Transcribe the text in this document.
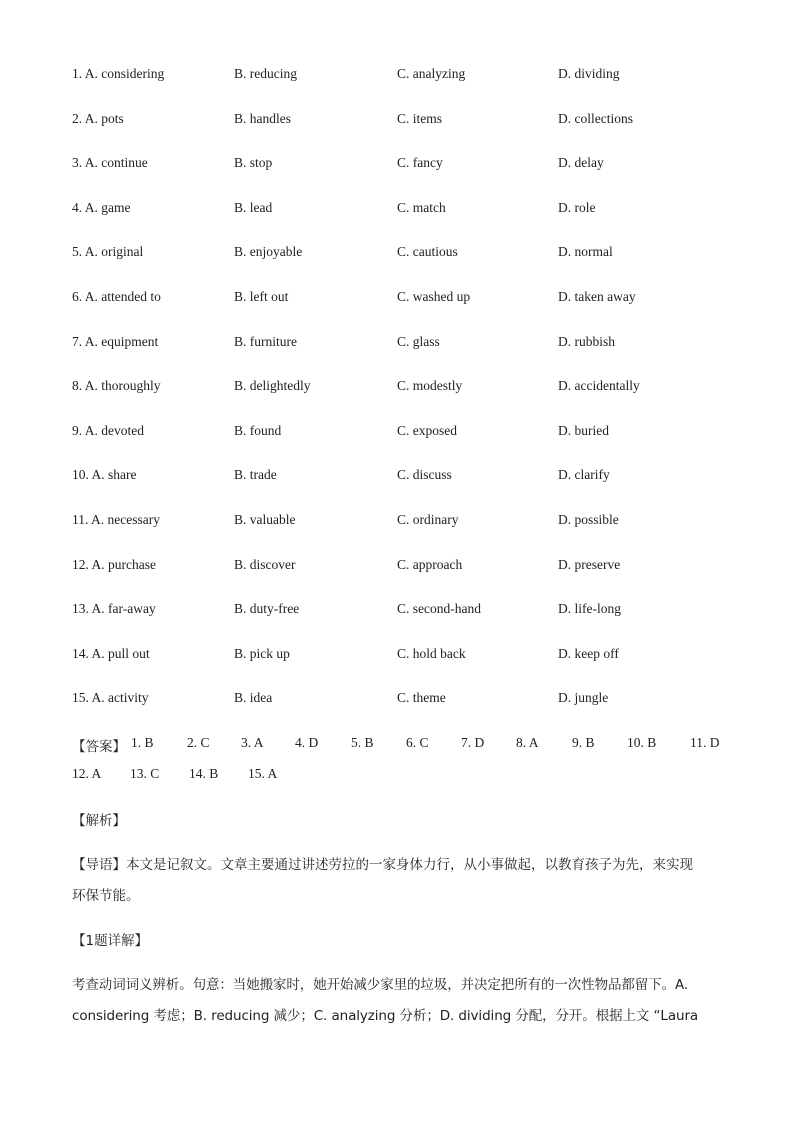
1. A. considering	B. reducing	C. analyzing	D. dividing
2. A. pots	B. handles	C. items	D. collections
3. A. continue	B. stop	C. fancy	D. delay
4. A. game	B. lead	C. match	D. role
5. A. original	B. enjoyable	C. cautious	D. normal
6. A. attended to	B. left out	C. washed up	D. taken away
7. A. equipment	B. furniture	C. glass	D. rubbish
8. A. thoroughly	B. delightedly	C. modestly	D. accidentally
9. A. devoted	B. found	C. exposed	D. buried
10. A. share	B. trade	C. discuss	D. clarify
11. A. necessary	B. valuable	C. ordinary	D. possible
12. A. purchase	B. discover	C. approach	D. preserve
13. A. far-away	B. duty-free	C. second-hand	D. life-long
14. A. pull out	B. pick up	C. hold back	D. keep off
15. A. activity	B. idea	C. theme	D. jungle
【答案】 1. B 2. C 3. A 4. D 5. B 6. C 7. D 8. A 9. B 10. B 11. D
12. A 13. C 14. B 15. A
【解析】
【导语】本文是记叙文。文章主要通过讲述劳拉的一家身体力行，从小事做起，以教育孩子为先，来实现
环保节能。
【1题详解】
考查动词词义辨析。句意：当她搬家时，她开始减少家里的垃圾，并决定把所有的一次性物品都留下。A.
considering 考虑；B. reducing 减少；C. analyzing 分析；D. dividing 分配，分开。根据上文 “Laura
